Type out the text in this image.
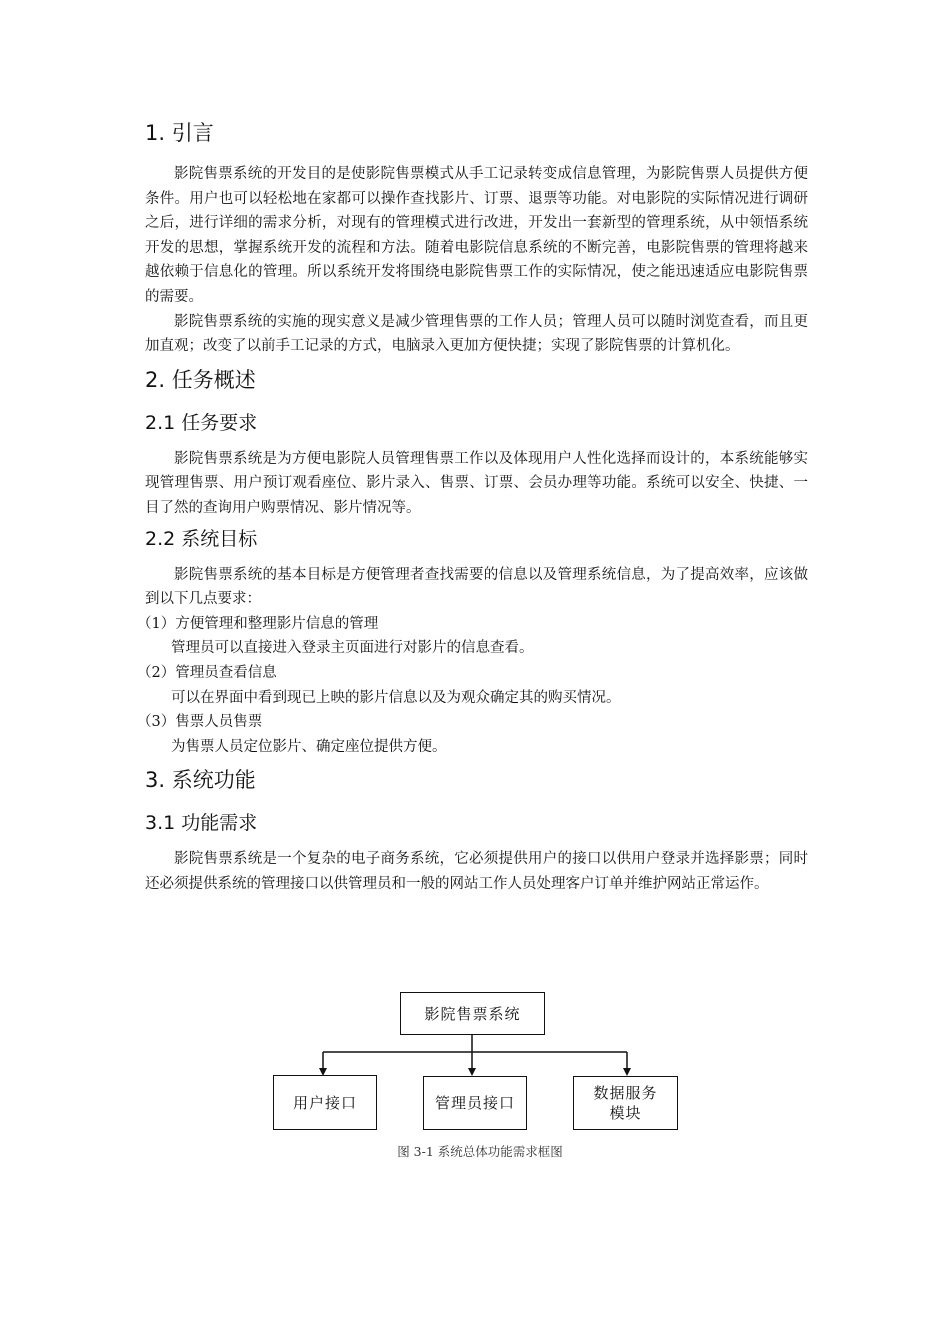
1. 引言

影院售票系统的开发目的是使影院售票模式从手工记录转变成信息管理，为影院售票人员提供方便条件。用户也可以轻松地在家都可以操作查找影片、订票、退票等功能。对电影院的实际情况进行调研之后，进行详细的需求分析，对现有的管理模式进行改进，开发出一套新型的管理系统，从中领悟系统开发的思想，掌握系统开发的流程和方法。随着电影院信息系统的不断完善，电影院售票的管理将越来越依赖于信息化的管理。所以系统开发将围绕电影院售票工作的实际情况，使之能迅速适应电影院售票的需要。

影院售票系统的实施的现实意义是减少管理售票的工作人员；管理人员可以随时浏览查看，而且更加直观；改变了以前手工记录的方式，电脑录入更加方便快捷；实现了影院售票的计算机化。

2. 任务概述
2.1 任务要求

影院售票系统是为方便电影院人员管理售票工作以及体现用户人性化选择而设计的，本系统能够实现管理售票、用户预订观看座位、影片录入、售票、订票、会员办理等功能。系统可以安全、快捷、一目了然的查询用户购票情况、影片情况等。

2.2 系统目标

影院售票系统的基本目标是方便管理者查找需要的信息以及管理系统信息，为了提高效率，应该做到以下几点要求：

（1）方便管理和整理影片信息的管理

管理员可以直接进入登录主页面进行对影片的信息查看。

（2）管理员查看信息

可以在界面中看到现已上映的影片信息以及为观众确定其的购买情况。

（3）售票人员售票

为售票人员定位影片、确定座位提供方便。

3. 系统功能
3.1 功能需求

影院售票系统是一个复杂的电子商务系统，它必须提供用户的接口以供用户登录并选择影票；同时还必须提供系统的管理接口以供管理员和一般的网站工作人员处理客户订单并维护网站正常运作。

影院售票系统
用户接口	管理员接口
数据服务
模块
图 3-1 系统总体功能需求框图
